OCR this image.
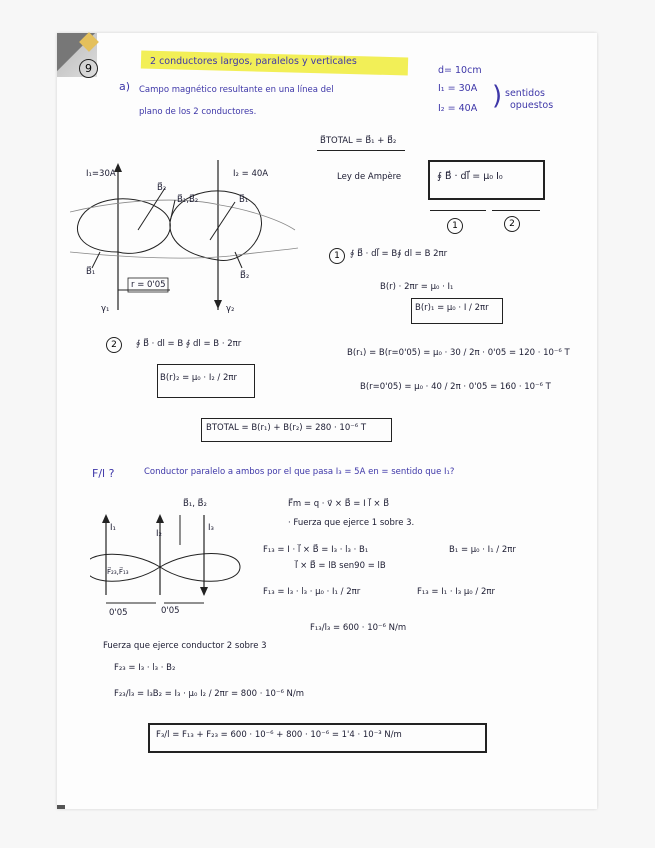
9
2 conductores largos, paralelos y verticales
d= 10cm
I₁ = 30A
I₂ = 40A ) sentidos
opuestos
a) Campo magnético resultante en una línea del
plano de los 2 conductores.
B⃗TOTAL = B⃗₁ + B⃗₂
I₁=30A	I₂ = 40A
B⃗₂
B⃗₁,B⃗₂	B⃗₁
B⃗₁	B⃗₂
r = 0'05
γ₁	γ₂
Ley de Ampère	∮ B⃗ · dl⃗ = μ₀ I₀
1	2
1	∮ B⃗ · dl⃗ = B∮ dl = B 2πr
B(r) · 2πr = μ₀ · I₁
B(r)₁ = μ₀ · I / 2πr
2	∮ B⃗ · dl = B ∮ dl = B · 2πr
B(r)₂ = μ₀ · I₂ / 2πr
B(r₁) = B(r=0'05) = μ₀ · 30 / 2π · 0'05 = 120 · 10⁻⁶ T
B(r=0'05) = μ₀ · 40 / 2π · 0'05 = 160 · 10⁻⁶ T
BTOTAL = B(r₁) + B(r₂) = 280 · 10⁻⁶ T
F/l ?	Conductor paralelo a ambos por el que pasa I₃ = 5A en = sentido que I₁?
B⃗₁, B⃗₂
I₁
I₂
I₃
F⃗₂₃,F⃗₁₃
0'05	0'05
F⃗m = q · v⃗ × B⃗ = I l⃗ × B⃗
· Fuerza que ejerce 1 sobre 3.
F₁₃ = I · l⃗ × B⃗ = I₃ · l₃ · B₁	B₁ = μ₀ · I₁ / 2πr
l⃗ × B⃗ = lB sen90 = lB
F₁₃ = I₃ · l₃ · μ₀ · I₁ / 2πr	F₁₃ = I₁ · I₃ μ₀ / 2πr
F₁₃/l₃ = 600 · 10⁻⁶ N/m
Fuerza que ejerce conductor 2 sobre 3
F₂₃ = I₃ · l₃ · B₂
F₂₃/l₃ = I₃B₂ = I₃ · μ₀ I₂ / 2πr = 800 · 10⁻⁶ N/m
F₃/l = F₁₃ + F₂₃ = 600 · 10⁻⁶ + 800 · 10⁻⁶ = 1'4 · 10⁻³ N/m
